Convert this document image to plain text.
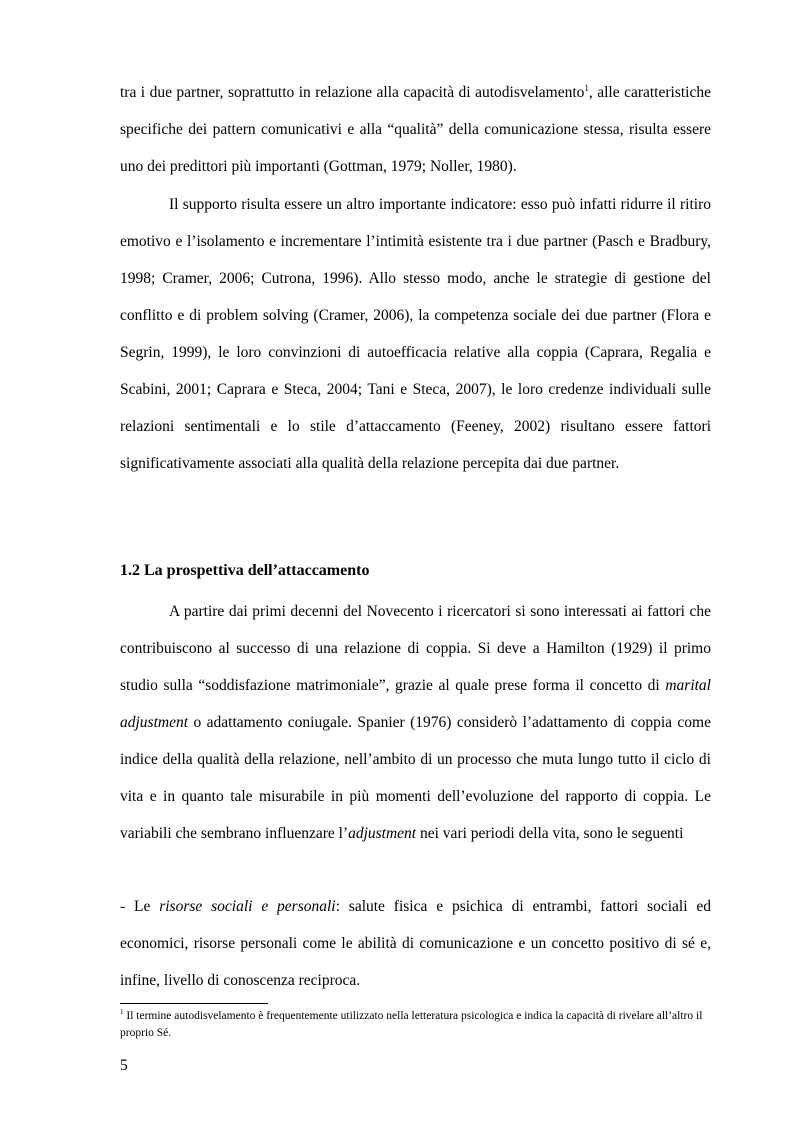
tra i due partner, soprattutto in relazione alla capacità di autodisvelamento$^1$, alle caratteristiche specifiche dei pattern comunicativi e alla “qualità” della comunicazione stessa, risulta essere uno dei predittori più importanti (Gottman, 1979; Noller, 1980).

Il supporto risulta essere un altro importante indicatore: esso può infatti ridurre il ritiro emotivo e l’isolamento e incrementare l’intimità esistente tra i due partner (Pasch e Bradbury, 1998; Cramer, 2006; Cutrona, 1996). Allo stesso modo, anche le strategie di gestione del conflitto e di problem solving (Cramer, 2006), la competenza sociale dei due partner (Flora e Segrin, 1999), le loro convinzioni di autoefficacia relative alla coppia (Caprara, Regalia e Scabini, 2001; Caprara e Steca, 2004; Tani e Steca, 2007), le loro credenze individuali sulle relazioni sentimentali e lo stile d’attaccamento (Feeney, 2002) risultano essere fattori significativamente associati alla qualità della relazione percepita dai due partner.

1.2 La prospettiva dell’attaccamento

A partire dai primi decenni del Novecento i ricercatori si sono interessati ai fattori che contribuiscono al successo di una relazione di coppia. Si deve a Hamilton (1929) il primo studio sulla “soddisfazione matrimoniale”, grazie al quale prese forma il concetto di marital adjustment o adattamento coniugale. Spanier (1976) considerò l’adattamento di coppia come indice della qualità della relazione, nell’ambito di un processo che muta lungo tutto il ciclo di vita e in quanto tale misurabile in più momenti dell’evoluzione del rapporto di coppia. Le variabili che sembrano influenzare l’adjustment nei vari periodi della vita, sono le seguenti

- Le risorse sociali e personali: salute fisica e psichica di entrambi, fattori sociali ed economici, risorse personali come le abilità di comunicazione e un concetto positivo di sé e, infine, livello di conoscenza reciproca.

$^1$ Il termine autodisvelamento è frequentemente utilizzato nella letteratura psicologica e indica la capacità di rivelare all’altro il proprio Sé.

5
